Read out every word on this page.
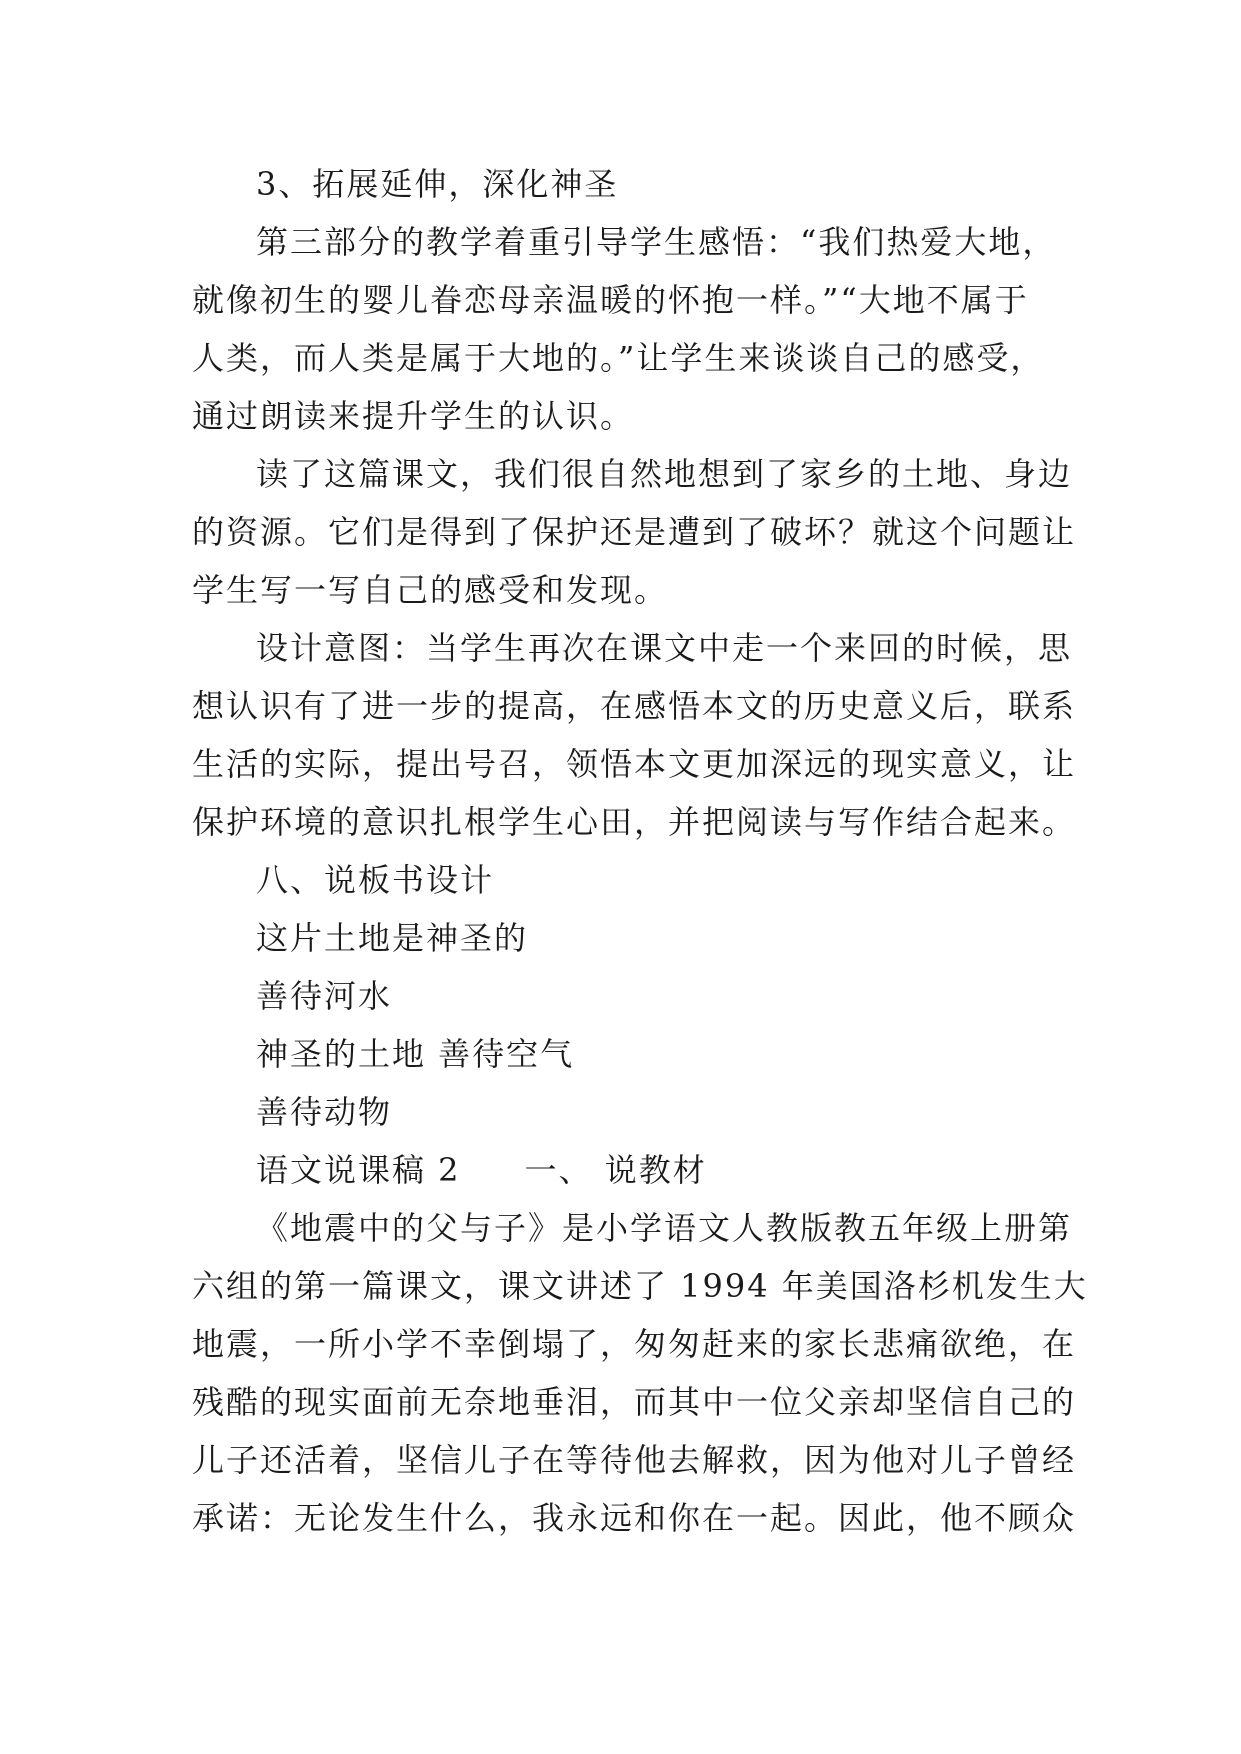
3、拓展延伸，深化神圣
第三部分的教学着重引导学生感悟：“我们热爱大地，
就像初生的婴儿眷恋母亲温暖的怀抱一样。”“大地不属于
人类，而人类是属于大地的。”让学生来谈谈自己的感受，
通过朗读来提升学生的认识。
读了这篇课文，我们很自然地想到了家乡的土地、身边
的资源。它们是得到了保护还是遭到了破坏？就这个问题让
学生写一写自己的感受和发现。
设计意图：当学生再次在课文中走一个来回的时候，思
想认识有了进一步的提高，在感悟本文的历史意义后，联系
生活的实际，提出号召，领悟本文更加深远的现实意义，让
保护环境的意识扎根学生心田，并把阅读与写作结合起来。
八、说板书设计
这片土地是神圣的
善待河水
神圣的土地 善待空气
善待动物
语文说课稿 2 一、 说教材
《地震中的父与子》是小学语文人教版教五年级上册第
六组的第一篇课文，课文讲述了 1994 年美国洛杉机发生大
地震，一所小学不幸倒塌了，匆匆赶来的家长悲痛欲绝，在
残酷的现实面前无奈地垂泪，而其中一位父亲却坚信自己的
儿子还活着，坚信儿子在等待他去解救，因为他对儿子曾经
承诺：无论发生什么，我永远和你在一起。因此，他不顾众
